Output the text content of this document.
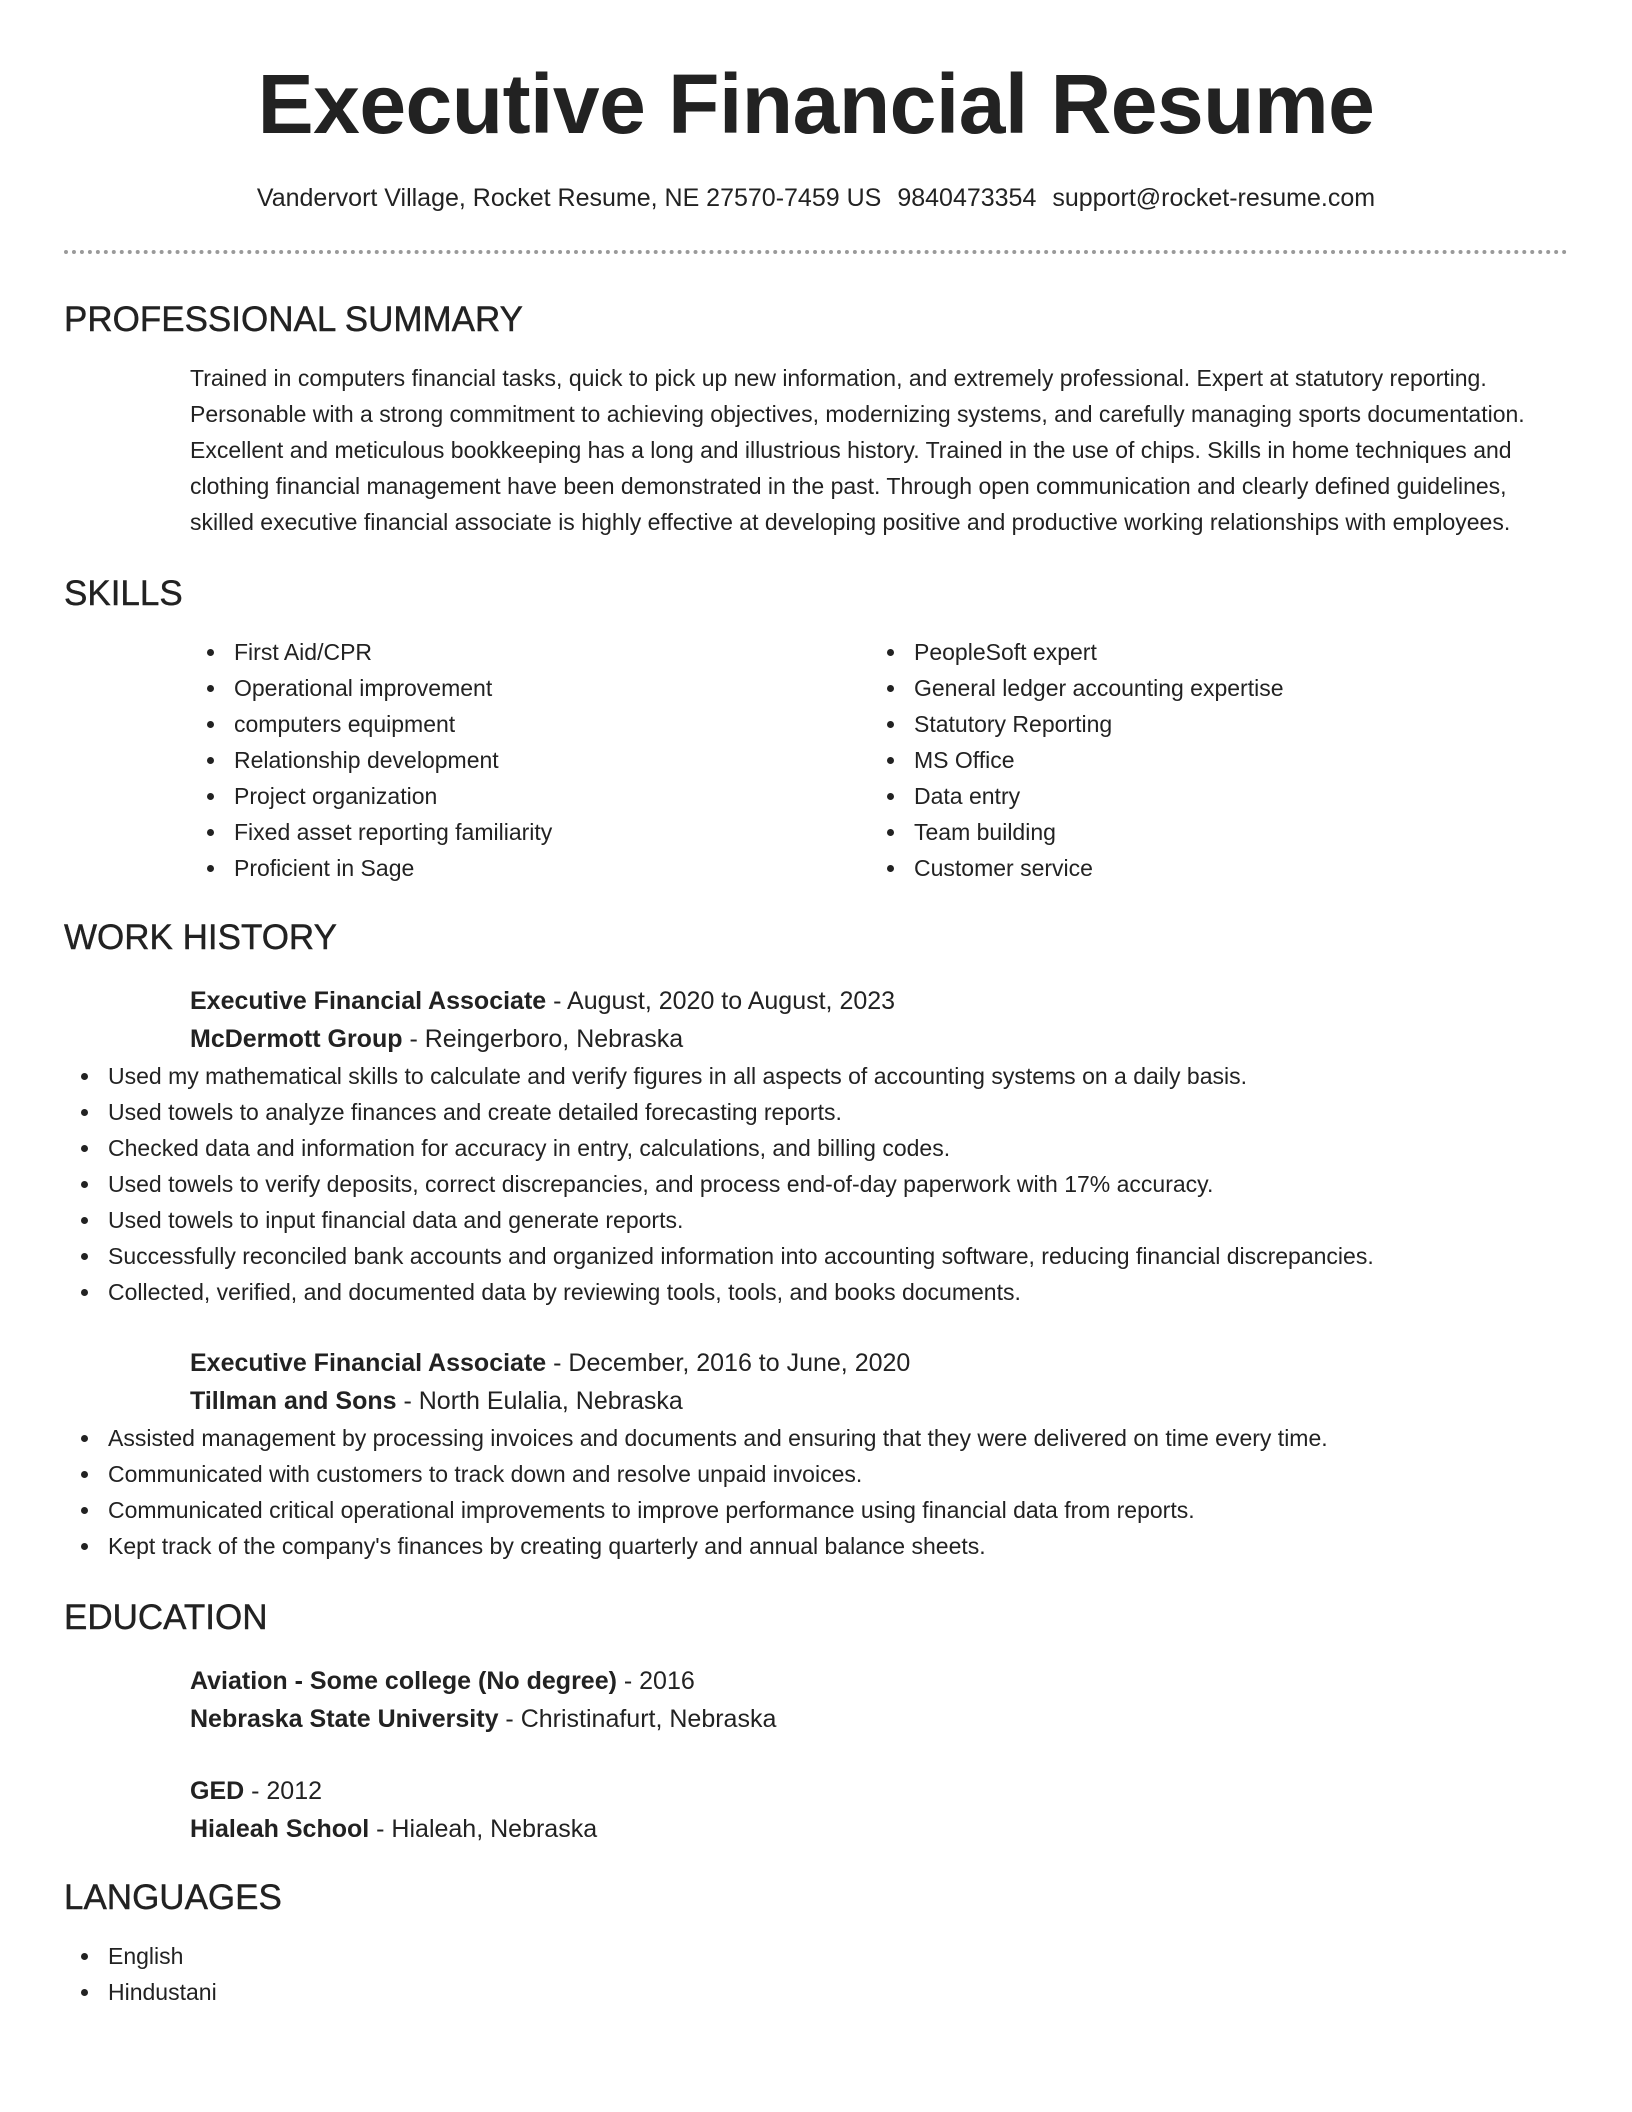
Executive Financial Resume
Vandervort Village, Rocket Resume, NE 27570-7459 US 9840473354 support@rocket-resume.com
PROFESSIONAL SUMMARY

Trained in computers financial tasks, quick to pick up new information, and extremely professional. Expert at statutory reporting. Personable with a strong commitment to achieving objectives, modernizing systems, and carefully managing sports documentation. Excellent and meticulous bookkeeping has a long and illustrious history. Trained in the use of chips. Skills in home techniques and clothing financial management have been demonstrated in the past. Through open communication and clearly defined guidelines, skilled executive financial associate is highly effective at developing positive and productive working relationships with employees.

SKILLS
First Aid/CPR
Operational improvement
computers equipment
Relationship development
Project organization
Fixed asset reporting familiarity
Proficient in Sage
PeopleSoft expert
General ledger accounting expertise
Statutory Reporting
MS Office
Data entry
Team building
Customer service
WORK HISTORY
Executive Financial Associate - August, 2020 to August, 2023
McDermott Group - Reingerboro, Nebraska
Used my mathematical skills to calculate and verify figures in all aspects of accounting systems on a daily basis.
Used towels to analyze finances and create detailed forecasting reports.
Checked data and information for accuracy in entry, calculations, and billing codes.
Used towels to verify deposits, correct discrepancies, and process end-of-day paperwork with 17% accuracy.
Used towels to input financial data and generate reports.
Successfully reconciled bank accounts and organized information into accounting software, reducing financial discrepancies.
Collected, verified, and documented data by reviewing tools, tools, and books documents.
Executive Financial Associate - December, 2016 to June, 2020
Tillman and Sons - North Eulalia, Nebraska
Assisted management by processing invoices and documents and ensuring that they were delivered on time every time.
Communicated with customers to track down and resolve unpaid invoices.
Communicated critical operational improvements to improve performance using financial data from reports.
Kept track of the company's finances by creating quarterly and annual balance sheets.
EDUCATION
Aviation - Some college (No degree) - 2016
Nebraska State University - Christinafurt, Nebraska
GED - 2012
Hialeah School - Hialeah, Nebraska
LANGUAGES
English
Hindustani
